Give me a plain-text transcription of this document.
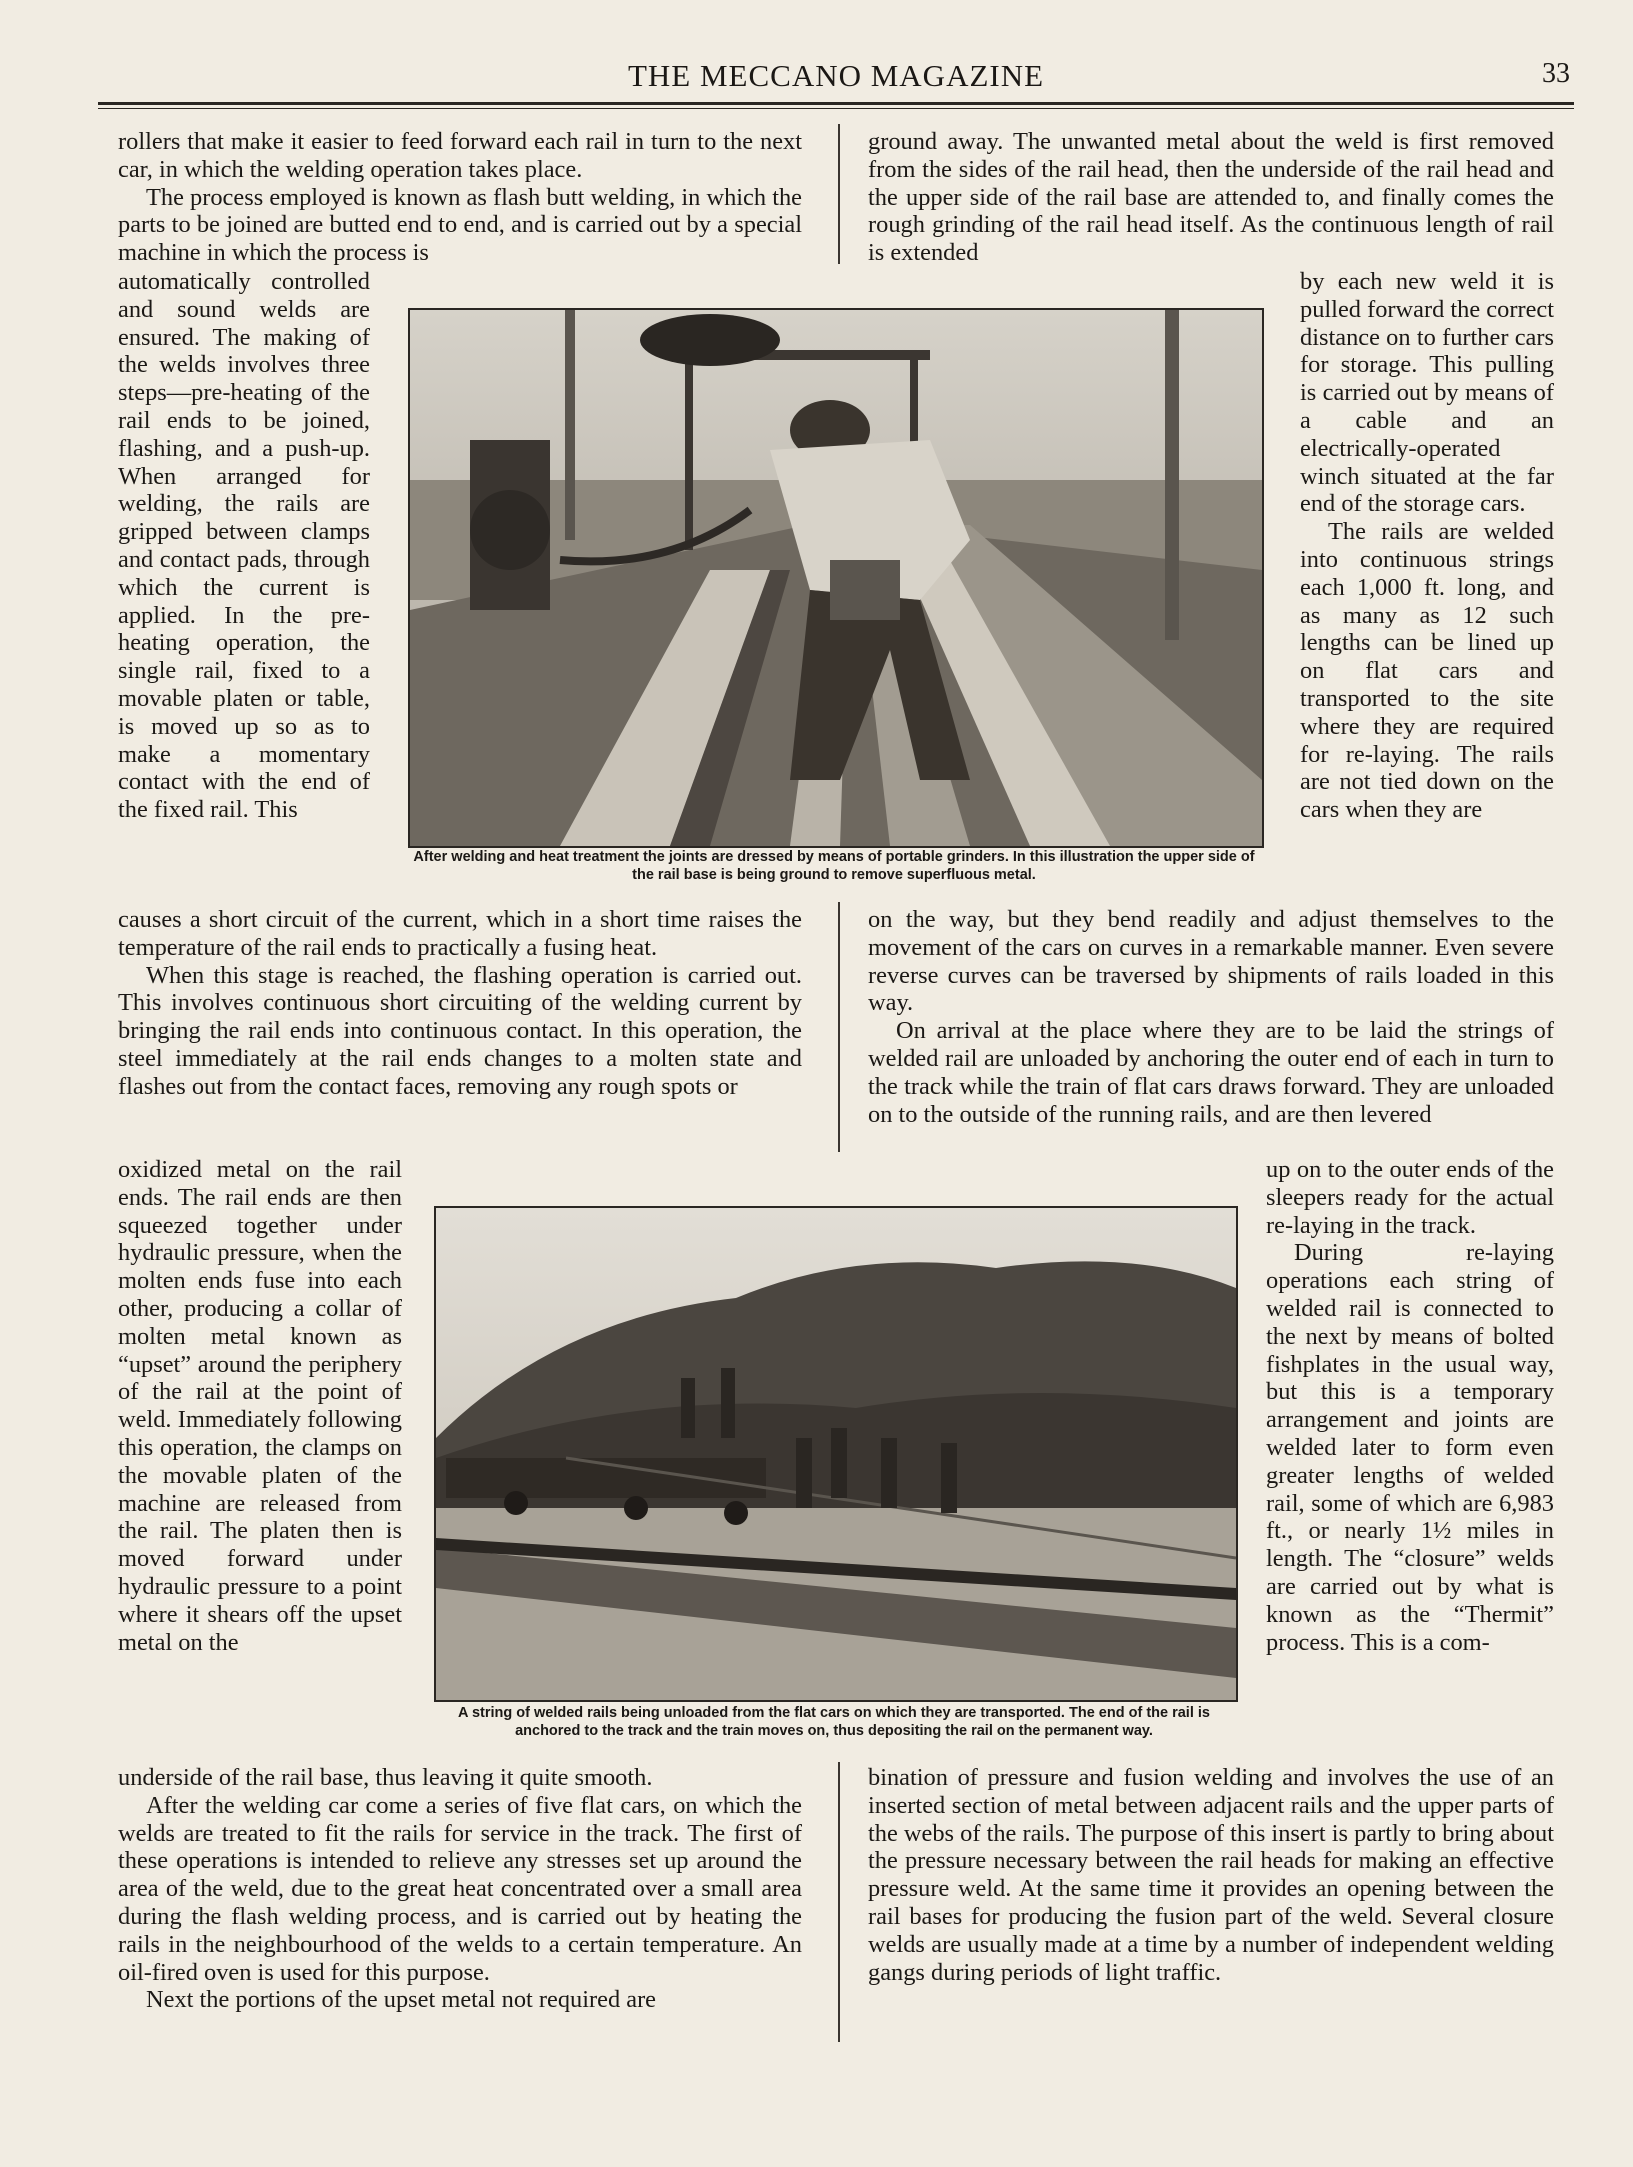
THE MECCANO MAGAZINE	33

rollers that make it easier to feed forward each rail in turn to the next car, in which the welding operation takes place.

The process employed is known as flash butt welding, in which the parts to be joined are butted end to end, and is carried out by a special machine in which the process is

ground away. The unwanted metal about the weld is first removed from the sides of the rail head, then the underside of the rail head and the upper side of the rail base are attended to, and finally comes the rough grinding of the rail head itself. As the continuous length of rail is extended

automatically controlled and sound welds are ensured. The making of the welds involves three steps—pre-heating of the rail ends to be joined, flashing, and a push-up. When arranged for welding, the rails are gripped between clamps and contact pads, through which the current is applied. In the pre-heating operation, the single rail, fixed to a movable platen or table, is moved up so as to make a momentary contact with the end of the fixed rail. This

by each new weld it is pulled forward the correct distance on to further cars for storage. This pulling is carried out by means of a cable and an electrically-operated winch situated at the far end of the storage cars.

The rails are welded into continuous strings each 1,000 ft. long, and as many as 12 such lengths can be lined up on flat cars and transported to the site where they are required for re-laying. The rails are not tied down on the cars when they are

After welding and heat treatment the joints are dressed by means of portable grinders. In this illustration the upper side of the rail base is being ground to remove superfluous metal.

causes a short circuit of the current, which in a short time raises the temperature of the rail ends to practically a fusing heat.

When this stage is reached, the flashing operation is carried out. This involves continuous short circuiting of the welding current by bringing the rail ends into continuous contact. In this operation, the steel immediately at the rail ends changes to a molten state and flashes out from the contact faces, removing any rough spots or

on the way, but they bend readily and adjust themselves to the movement of the cars on curves in a remarkable manner. Even severe reverse curves can be traversed by shipments of rails loaded in this way.

On arrival at the place where they are to be laid the strings of welded rail are unloaded by anchoring the outer end of each in turn to the track while the train of flat cars draws forward. They are unloaded on to the outside of the running rails, and are then levered

oxidized metal on the rail ends. The rail ends are then squeezed together under hydraulic pressure, when the molten ends fuse into each other, producing a collar of molten metal known as “upset” around the periphery of the rail at the point of weld. Immediately following this operation, the clamps on the movable platen of the machine are released from the rail. The platen then is moved forward under hydraulic pressure to a point where it shears off the upset metal on the

up on to the outer ends of the sleepers ready for the actual re-laying in the track.

During re-laying operations each string of welded rail is connected to the next by means of bolted fishplates in the usual way, but this is a temporary arrangement and joints are welded later to form even greater lengths of welded rail, some of which are 6,983 ft., or nearly 1½ miles in length. The “closure” welds are carried out by what is known as the “Thermit” process. This is a com-

A string of welded rails being unloaded from the flat cars on which they are transported. The end of the rail is anchored to the track and the train moves on, thus depositing the rail on the permanent way.

underside of the rail base, thus leaving it quite smooth.

After the welding car come a series of five flat cars, on which the welds are treated to fit the rails for service in the track. The first of these operations is intended to relieve any stresses set up around the area of the weld, due to the great heat concentrated over a small area during the flash welding process, and is carried out by heating the rails in the neighbourhood of the welds to a certain temperature. An oil-fired oven is used for this purpose.

Next the portions of the upset metal not required are

bination of pressure and fusion welding and involves the use of an inserted section of metal between adjacent rails and the upper parts of the webs of the rails. The purpose of this insert is partly to bring about the pressure necessary between the rail heads for making an effective pressure weld. At the same time it provides an opening between the rail bases for producing the fusion part of the weld. Several closure welds are usually made at a time by a number of independent welding gangs during periods of light traffic.
